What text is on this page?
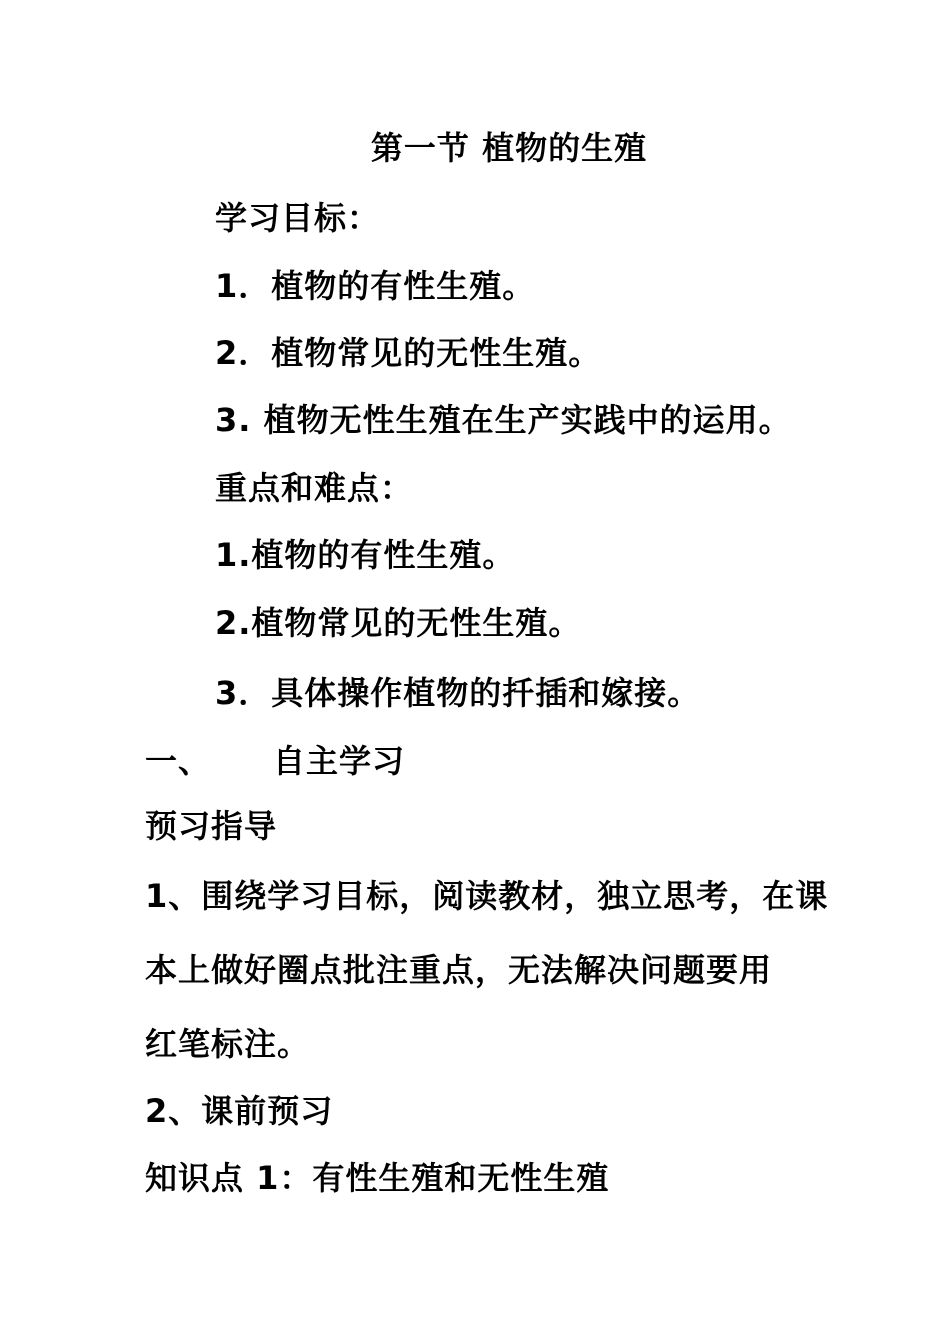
第一节 植物的生殖
学习目标：
1．植物的有性生殖。
2．植物常见的无性生殖。
3. 植物无性生殖在生产实践中的运用。
重点和难点：
1.植物的有性生殖。
2.植物常见的无性生殖。
3．具体操作植物的扦插和嫁接。
一、 自主学习
预习指导
1、围绕学习目标，阅读教材，独立思考，在课
本上做好圈点批注重点，无法解决问题要用
红笔标注。
2、课前预习
知识点 1：有性生殖和无性生殖
